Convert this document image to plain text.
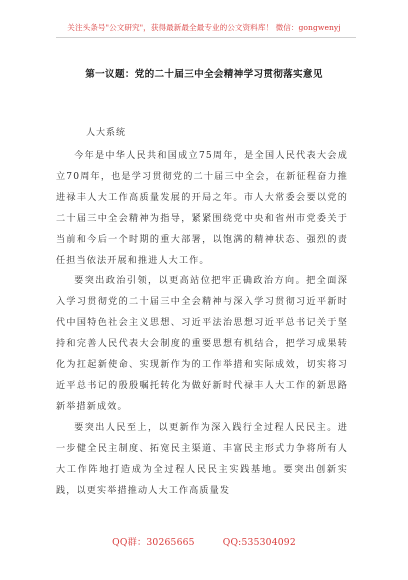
关注头条号"公文研究"，获得最新最全最专业的公文资料库！ 微信：gongwenyj
第一议题：党的二十届三中全会精神学习贯彻落实意见
人大系统

今年是中华人民共和国成立75周年，是全国人民代表大会成立70周年，也是学习贯彻党的二十届三中全会，在新征程奋力推进禄丰人大工作高质量发展的开局之年。市人大常委会要以党的二十届三中全会精神为指导，紧紧围绕党中央和省州市党委关于当前和今后一个时期的重大部署，以饱满的精神状态、强烈的责任担当依法开展和推进人大工作。

要突出政治引领，以更高站位把牢正确政治方向。把全面深入学习贯彻党的二十届三中全会精神与深入学习贯彻习近平新时代中国特色社会主义思想、习近平法治思想习近平总书记关于坚持和完善人民代表大会制度的重要思想有机结合，把学习成果转化为扛起新使命、实现新作为的工作举措和实际成效，切实将习近平总书记的殷殷嘱托转化为做好新时代禄丰人大工作的新思路新举措新成效。

要突出人民至上，以更新作为深入践行全过程人民民主。进一步健全民主制度、拓宽民主渠道、丰富民主形式力争将所有人大工作阵地打造成为全过程人民民主实践基地。要突出创新实践，以更实举措推动人大工作高质量发

QQ群：30265665	QQ:535304092
